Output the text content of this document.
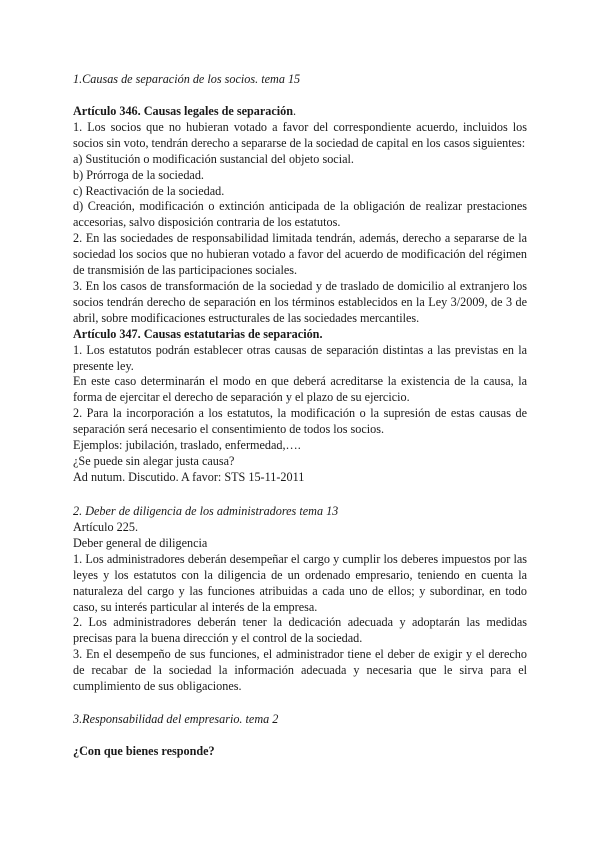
1.Causas de separación de los socios. tema 15

Artículo 346. Causas legales de separación.

1. Los socios que no hubieran votado a favor del correspondiente acuerdo, incluidos los socios sin voto, tendrán derecho a separarse de la sociedad de capital en los casos siguientes:

a) Sustitución o modificación sustancial del objeto social.

b) Prórroga de la sociedad.

c) Reactivación de la sociedad.

d) Creación, modificación o extinción anticipada de la obligación de realizar prestaciones accesorias, salvo disposición contraria de los estatutos.

2. En las sociedades de responsabilidad limitada tendrán, además, derecho a separarse de la sociedad los socios que no hubieran votado a favor del acuerdo de modificación del régimen de transmisión de las participaciones sociales.

3. En los casos de transformación de la sociedad y de traslado de domicilio al extranjero los socios tendrán derecho de separación en los términos establecidos en la Ley 3/2009, de 3 de abril, sobre modificaciones estructurales de las sociedades mercantiles.

Artículo 347. Causas estatutarias de separación.

1. Los estatutos podrán establecer otras causas de separación distintas a las previstas en la presente ley.

En este caso determinarán el modo en que deberá acreditarse la existencia de la causa, la forma de ejercitar el derecho de separación y el plazo de su ejercicio.

2. Para la incorporación a los estatutos, la modificación o la supresión de estas causas de separación será necesario el consentimiento de todos los socios.

Ejemplos: jubilación, traslado, enfermedad,….

¿Se puede sin alegar justa causa?

Ad nutum. Discutido. A favor: STS 15-11-2011

2. Deber de diligencia de los administradores tema 13

Artículo 225.

Deber general de diligencia

1. Los administradores deberán desempeñar el cargo y cumplir los deberes impuestos por las leyes y los estatutos con la diligencia de un ordenado empresario, teniendo en cuenta la naturaleza del cargo y las funciones atribuidas a cada uno de ellos; y subordinar, en todo caso, su interés particular al interés de la empresa.

2. Los administradores deberán tener la dedicación adecuada y adoptarán las medidas precisas para la buena dirección y el control de la sociedad.

3. En el desempeño de sus funciones, el administrador tiene el deber de exigir y el derecho de recabar de la sociedad la información adecuada y necesaria que le sirva para el cumplimiento de sus obligaciones.

3.Responsabilidad del empresario. tema 2

¿Con que bienes responde?
